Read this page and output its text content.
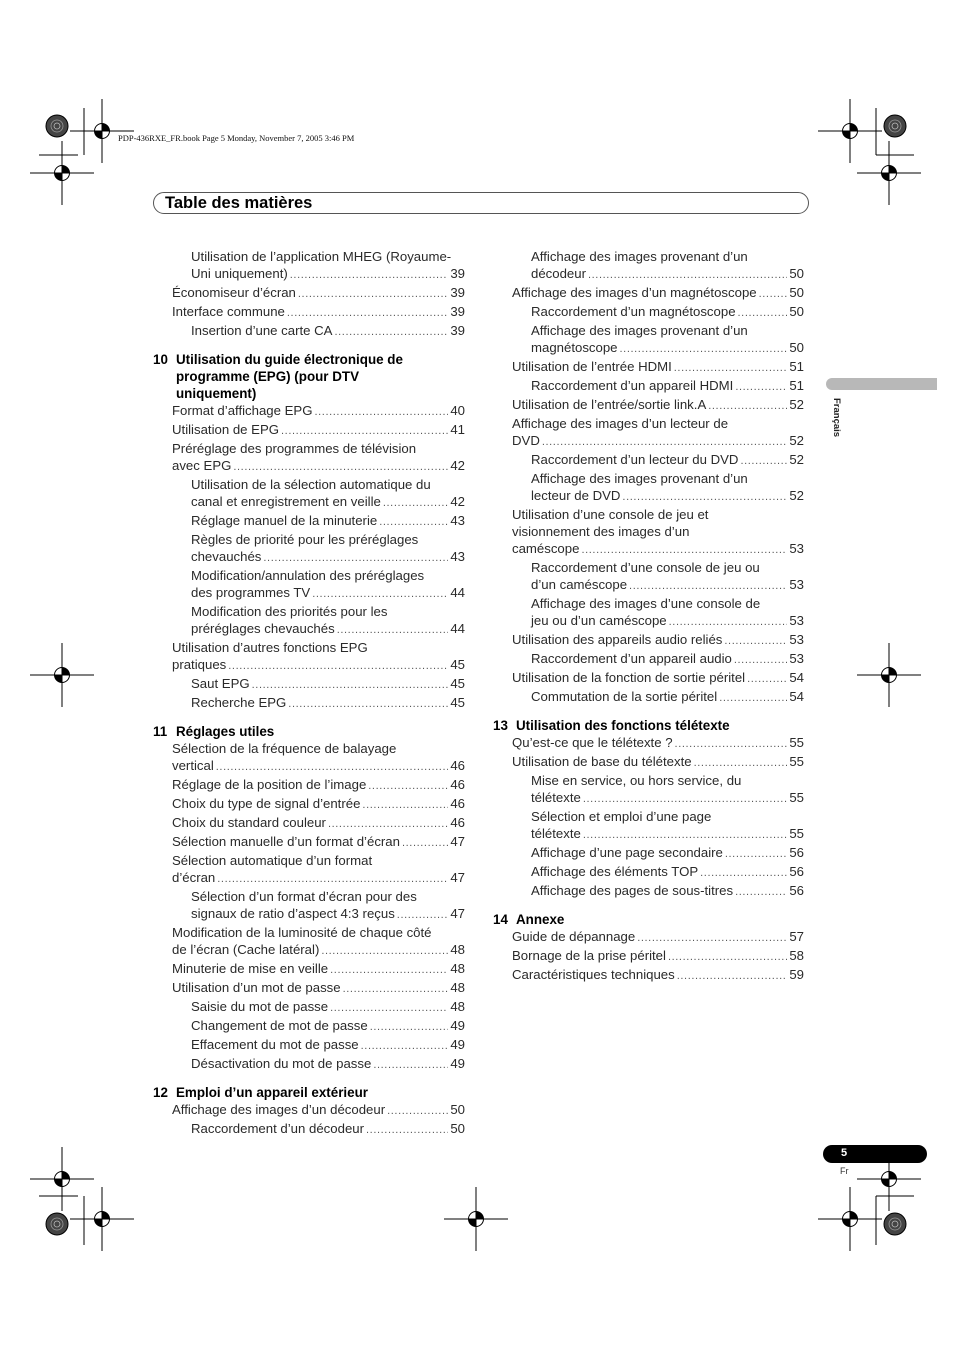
PDP-436RXE_FR.book Page 5 Monday, November 7, 2005 3:46 PM
Table des matières
Français
Utilisation de l’application MHEG (Royaume-
Uni uniquement) .....	39
Économiseur d’écran .....	39
Interface commune .....	39
Insertion d’une carte CA .....	39
10 Utilisation du guide électronique de
programme (EPG) (pour DTV
uniquement)
Format d’affichage EPG .....	40
Utilisation de EPG .....	41
Préréglage des programmes de télévision
avec EPG .....	42
Utilisation de la sélection automatique du
canal et enregistrement en veille .....	42
Réglage manuel de la minuterie .....	43
Règles de priorité pour les préréglages
chevauchés .....	43
Modification/annulation des préréglages
des programmes TV .....	44
Modification des priorités pour les
préréglages chevauchés .....	44
Utilisation d’autres fonctions EPG
pratiques .....	45
Saut EPG .....	45
Recherche EPG .....	45
11 Réglages utiles
Sélection de la fréquence de balayage
vertical .....	46
Réglage de la position de l’image .....	46
Choix du type de signal d’entrée .....	46
Choix du standard couleur .....	46
Sélection manuelle d’un format d’écran .....	47
Sélection automatique d’un format
d’écran .....	47
Sélection d’un format d’écran pour des
signaux de ratio d’aspect 4:3 reçus .....	47
Modification de la luminosité de chaque côté
de l’écran (Cache latéral) .....	48
Minuterie de mise en veille .....	48
Utilisation d’un mot de passe .....	48
Saisie du mot de passe .....	48
Changement de mot de passe .....	49
Effacement du mot de passe .....	49
Désactivation du mot de passe .....	49
12 Emploi d’un appareil extérieur
Affichage des images d’un décodeur .....	50
Raccordement d’un décodeur .....	50
Affichage des images provenant d’un
décodeur .....	50
Affichage des images d’un magnétoscope ..... 50
Raccordement d’un magnétoscope .....	50
Affichage des images provenant d’un
magnétoscope .....	50
Utilisation de l’entrée HDMI .....	51
Raccordement d’un appareil HDMI .....	51
Utilisation de l’entrée/sortie link.A .....	52
Affichage des images d’un lecteur de
DVD .....	52
Raccordement d’un lecteur du DVD .....	52
Affichage des images provenant d’un
lecteur de DVD .....	52
Utilisation d’une console de jeu et
visionnement des images d’un
caméscope .....	53
Raccordement d’une console de jeu ou
d’un caméscope .....	53
Affichage des images d’une console de
jeu ou d’un caméscope .....	53
Utilisation des appareils audio reliés .....	53
Raccordement d’un appareil audio .....	53
Utilisation de la fonction de sortie péritel .....	54
Commutation de la sortie péritel .....	54
13 Utilisation des fonctions télétexte
Qu’est-ce que le télétexte ? .....	55
Utilisation de base du télétexte .....	55
Mise en service, ou hors service, du
télétexte .....	55
Sélection et emploi d’une page
télétexte .....	55
Affichage d’une page secondaire .....	56
Affichage des éléments TOP .....	56
Affichage des pages de sous-titres .....	56
14 Annexe
Guide de dépannage .....	57
Bornage de la prise péritel .....	58
Caractéristiques techniques .....	59
5
Fr
